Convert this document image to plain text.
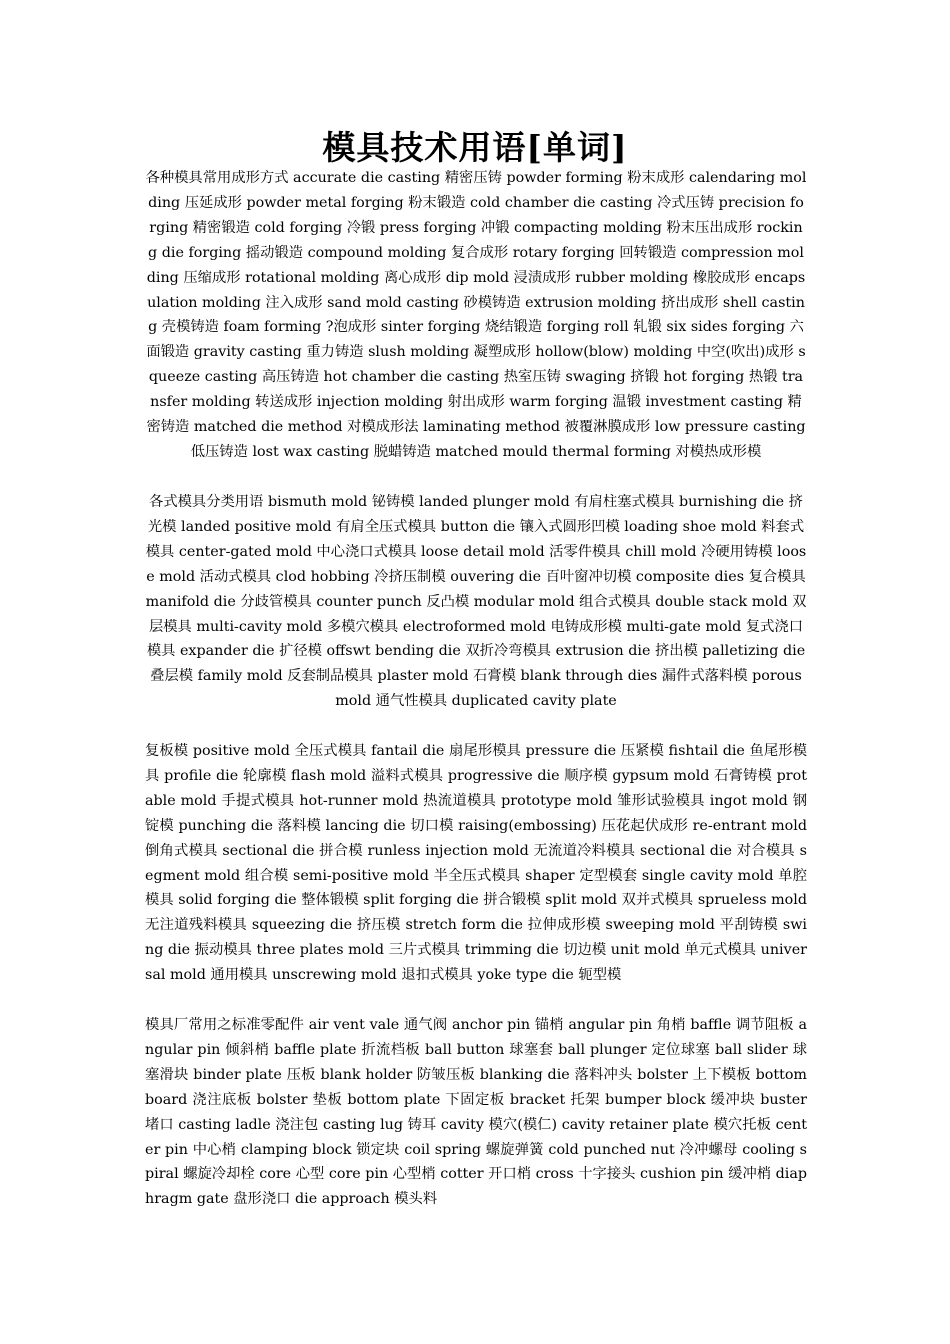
模具技术用语[单词]

各种模具常用成形方式 accurate die casting 精密压铸 powder forming 粉末成形 calendaring molding 压延成形 powder metal forging 粉末锻造 cold chamber die casting 冷式压铸 precision forging 精密锻造 cold forging 冷锻 press forging 冲锻 compacting molding 粉末压出成形 rocking die forging 摇动锻造 compound molding 复合成形 rotary forging 回转锻造 compression molding 压缩成形 rotational molding 离心成形 dip mold 浸渍成形 rubber molding 橡胶成形 encapsulation molding 注入成形 sand mold casting 砂模铸造 extrusion molding 挤出成形 shell casting 壳模铸造 foam forming ?泡成形 sinter forging 烧结锻造 forging roll 轧锻 six sides forging 六面锻造 gravity casting 重力铸造 slush molding 凝塑成形 hollow(blow) molding 中空(吹出)成形 squeeze casting 高压铸造 hot chamber die casting 热室压铸 swaging 挤锻 hot forging 热锻 transfer molding 转送成形 injection molding 射出成形 warm forging 温锻 investment casting 精密铸造 matched die method 对模成形法 laminating method 被覆淋膜成形 low pressure casting 低压铸造 lost wax casting 脱蜡铸造 matched mould thermal forming 对模热成形模

各式模具分类用语 bismuth mold 铋铸模 landed plunger mold 有肩柱塞式模具 burnishing die 挤光模 landed positive mold 有肩全压式模具 button die 镶入式圆形凹模 loading shoe mold 料套式模具 center-gated mold 中心浇口式模具 loose detail mold 活零件模具 chill mold 冷硬用铸模 loose mold 活动式模具 clod hobbing 冷挤压制模 ouvering die 百叶窗冲切模 composite dies 复合模具 manifold die 分歧管模具 counter punch 反凸模 modular mold 组合式模具 double stack mold 双层模具 multi-cavity mold 多模穴模具 electroformed mold 电铸成形模 multi-gate mold 复式浇口模具 expander die 扩径模 offswt bending die 双折冷弯模具 extrusion die 挤出模 palletizing die 叠层模 family mold 反套制品模具 plaster mold 石膏模 blank through dies 漏件式落料模 porous mold 通气性模具 duplicated cavity plate

复板模 positive mold 全压式模具 fantail die 扇尾形模具 pressure die 压紧模 fishtail die 鱼尾形模具 profile die 轮廓模 flash mold 溢料式模具 progressive die 顺序模 gypsum mold 石膏铸模 protable mold 手提式模具 hot-runner mold 热流道模具 prototype mold 雏形试验模具 ingot mold 钢锭模 punching die 落料模 lancing die 切口模 raising(embossing) 压花起伏成形 re-entrant mold 倒角式模具 sectional die 拼合模 runless injection mold 无流道冷料模具 sectional die 对合模具 segment mold 组合模 semi-positive mold 半全压式模具 shaper 定型模套 single cavity mold 单腔模具 solid forging die 整体锻模 split forging die 拼合锻模 split mold 双并式模具 sprueless mold 无注道残料模具 squeezing die 挤压模 stretch form die 拉伸成形模 sweeping mold 平刮铸模 swing die 振动模具 three plates mold 三片式模具 trimming die 切边模 unit mold 单元式模具 universal mold 通用模具 unscrewing mold 退扣式模具 yoke type die 轭型模

模具厂常用之标准零配件 air vent vale 通气阀 anchor pin 锚梢 angular pin 角梢 baffle 调节阻板 angular pin 倾斜梢 baffle plate 折流档板 ball button 球塞套 ball plunger 定位球塞 ball slider 球塞滑块 binder plate 压板 blank holder 防皱压板 blanking die 落料冲头 bolster 上下模板 bottom board 浇注底板 bolster 垫板 bottom plate 下固定板 bracket 托架 bumper block 缓冲块 buster 堵口 casting ladle 浇注包 casting lug 铸耳 cavity 模穴(模仁) cavity retainer plate 模穴托板 center pin 中心梢 clamping block 锁定块 coil spring 螺旋弹簧 cold punched nut 冷冲螺母 cooling spiral 螺旋冷却栓 core 心型 core pin 心型梢 cotter 开口梢 cross 十字接头 cushion pin 缓冲梢 diaphragm gate 盘形浇口 die approach 模头料
